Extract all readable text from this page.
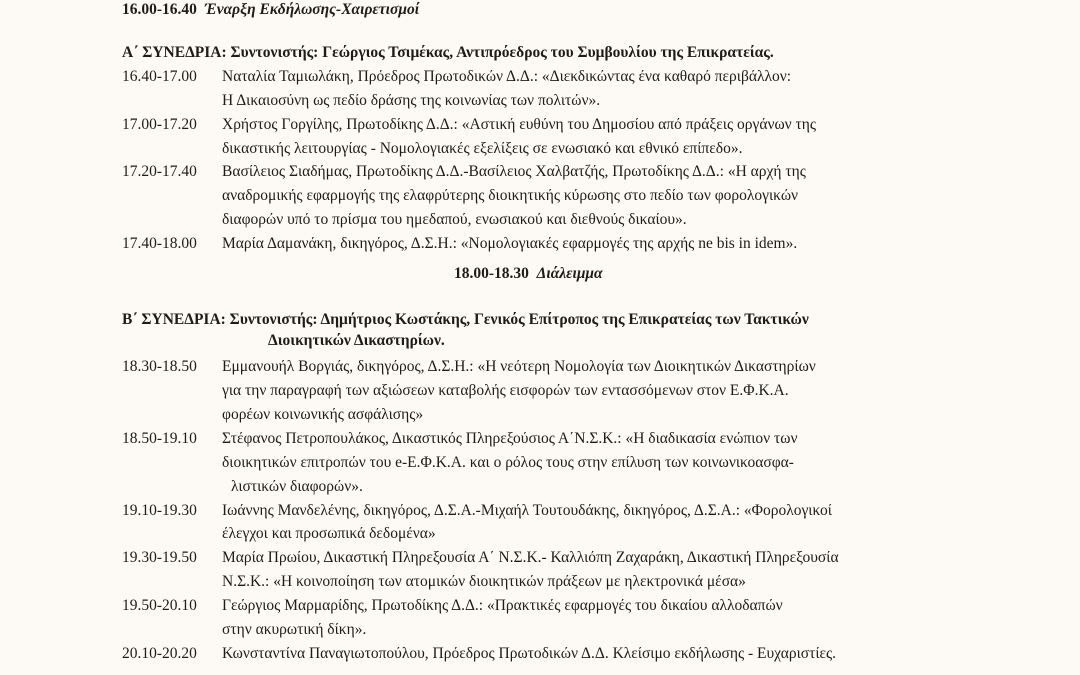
16.00-16.40 Έναρξη Εκδήλωσης-Χαιρετισμοί
Α΄ ΣΥΝΕΔΡΙΑ: Συντονιστής: Γεώργιος Τσιμέκας, Αντιπρόεδρος του Συμβουλίου της Επικρατείας.
16.40-17.00 Ναταλία Ταμιωλάκη, Πρόεδρος Πρωτοδικών Δ.Δ.: «Διεκδικώντας ένα καθαρό περιβάλλον:
Η Δικαιοσύνη ως πεδίο δράσης της κοινωνίας των πολιτών».
17.00-17.20 Χρήστος Γοργίλης, Πρωτοδίκης Δ.Δ.: «Αστική ευθύνη του Δημοσίου από πράξεις οργάνων της
δικαστικής λειτουργίας - Νομολογιακές εξελίξεις σε ενωσιακό και εθνικό επίπεδο».
17.20-17.40 Βασίλειος Σιαδήμας, Πρωτοδίκης Δ.Δ.-Βασίλειος Χαλβατζής, Πρωτοδίκης Δ.Δ.: «Η αρχή της
αναδρομικής εφαρμογής της ελαφρύτερης διοικητικής κύρωσης στο πεδίο των φορολογικών
διαφορών υπό το πρίσμα του ημεδαπού, ενωσιακού και διεθνούς δικαίου».
17.40-18.00 Μαρία Δαμανάκη, δικηγόρος, Δ.Σ.Η.: «Νομολογιακές εφαρμογές της αρχής ne bis in idem».
18.00-18.30 Διάλειμμα
Β΄ ΣΥΝΕΔΡΙΑ: Συντονιστής: Δημήτριος Κωστάκης, Γενικός Επίτροπος της Επικρατείας των Τακτικών
Διοικητικών Δικαστηρίων.
18.30-18.50 Εμμανουήλ Βοργιάς, δικηγόρος, Δ.Σ.Η.: «Η νεότερη Νομολογία των Διοικητικών Δικαστηρίων
για την παραγραφή των αξιώσεων καταβολής εισφορών των εντασσόμενων στον Ε.Φ.Κ.Α.
φορέων κοινωνικής ασφάλισης»
18.50-19.10 Στέφανος Πετροπουλάκος, Δικαστικός Πληρεξούσιος Α΄Ν.Σ.Κ.: «Η διαδικασία ενώπιον των
διοικητικών επιτροπών του e-Ε.Φ.Κ.Α. και ο ρόλος τους στην επίλυση των κοινωνικοασφα-
λιστικών διαφορών».
19.10-19.30 Ιωάννης Μανδελένης, δικηγόρος, Δ.Σ.Α.-Μιχαήλ Τουτουδάκης, δικηγόρος, Δ.Σ.Α.: «Φορολογικοί
έλεγχοι και προσωπικά δεδομένα»
19.30-19.50 Μαρία Πρωίου, Δικαστική Πληρεξουσία Α΄ Ν.Σ.Κ.- Καλλιόπη Ζαχαράκη, Δικαστική Πληρεξουσία
Ν.Σ.Κ.: «Η κοινοποίηση των ατομικών διοικητικών πράξεων με ηλεκτρονικά μέσα»
19.50-20.10 Γεώργιος Μαρμαρίδης, Πρωτοδίκης Δ.Δ.: «Πρακτικές εφαρμογές του δικαίου αλλοδαπών
στην ακυρωτική δίκη».
20.10-20.20 Κωνσταντίνα Παναγιωτοπούλου, Πρόεδρος Πρωτοδικών Δ.Δ. Κλείσιμο εκδήλωσης - Ευχαριστίες.
